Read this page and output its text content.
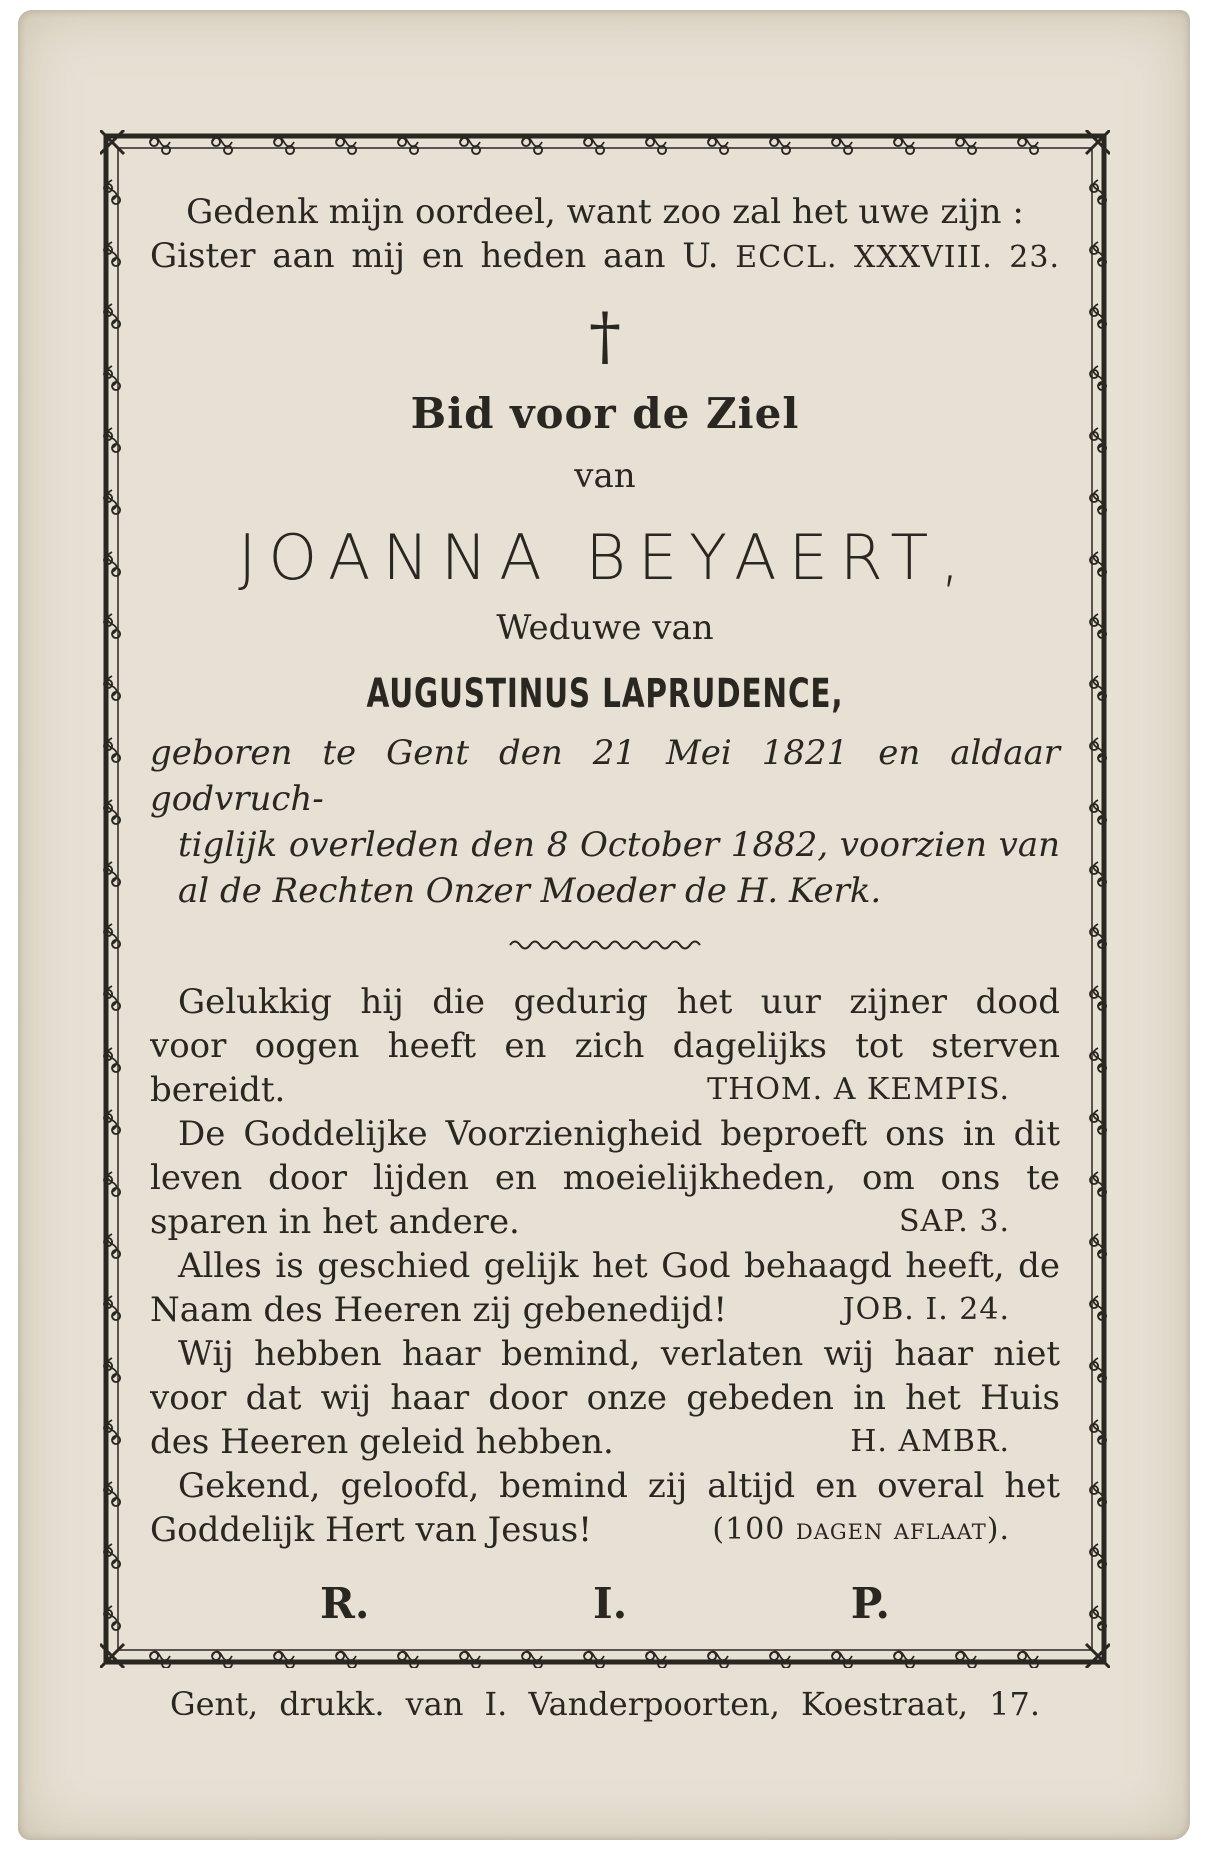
Gedenk mijn oordeel, want zoo zal het uwe zijn :
Gister aan mij en heden aan U. ECCL. XXXVIII. 23.
†
Bid voor de Ziel
van
JOANNA BEYAERT,
Weduwe van
AUGUSTINUS LAPRUDENCE,
geboren te Gent den 21 Mei 1821 en aldaar godvruch-
tiglijk overleden den 8 October 1882, voorzien van
al de Rechten Onzer Moeder de H. Kerk.
Gelukkig hij die gedurig het uur zijner dood
voor oogen heeft en zich dagelijks tot sterven
bereidt.	THOM. A KEMPIS.
De Goddelijke Voorzienigheid beproeft ons in dit
leven door lijden en moeielijkheden, om ons te
sparen in het andere.	SAP. 3.
Alles is geschied gelijk het God behaagd heeft, de
Naam des Heeren zij gebenedijd!	JOB. I. 24.
Wij hebben haar bemind, verlaten wij haar niet
voor dat wij haar door onze gebeden in het Huis
des Heeren geleid hebben.	H. AMBR.
Gekend, geloofd, bemind zij altijd en overal het
Goddelijk Hert van Jesus!	(100 dagen aflaat).
R.	I.	P.
Gent, drukk. van I. Vanderpoorten, Koestraat, 17.
